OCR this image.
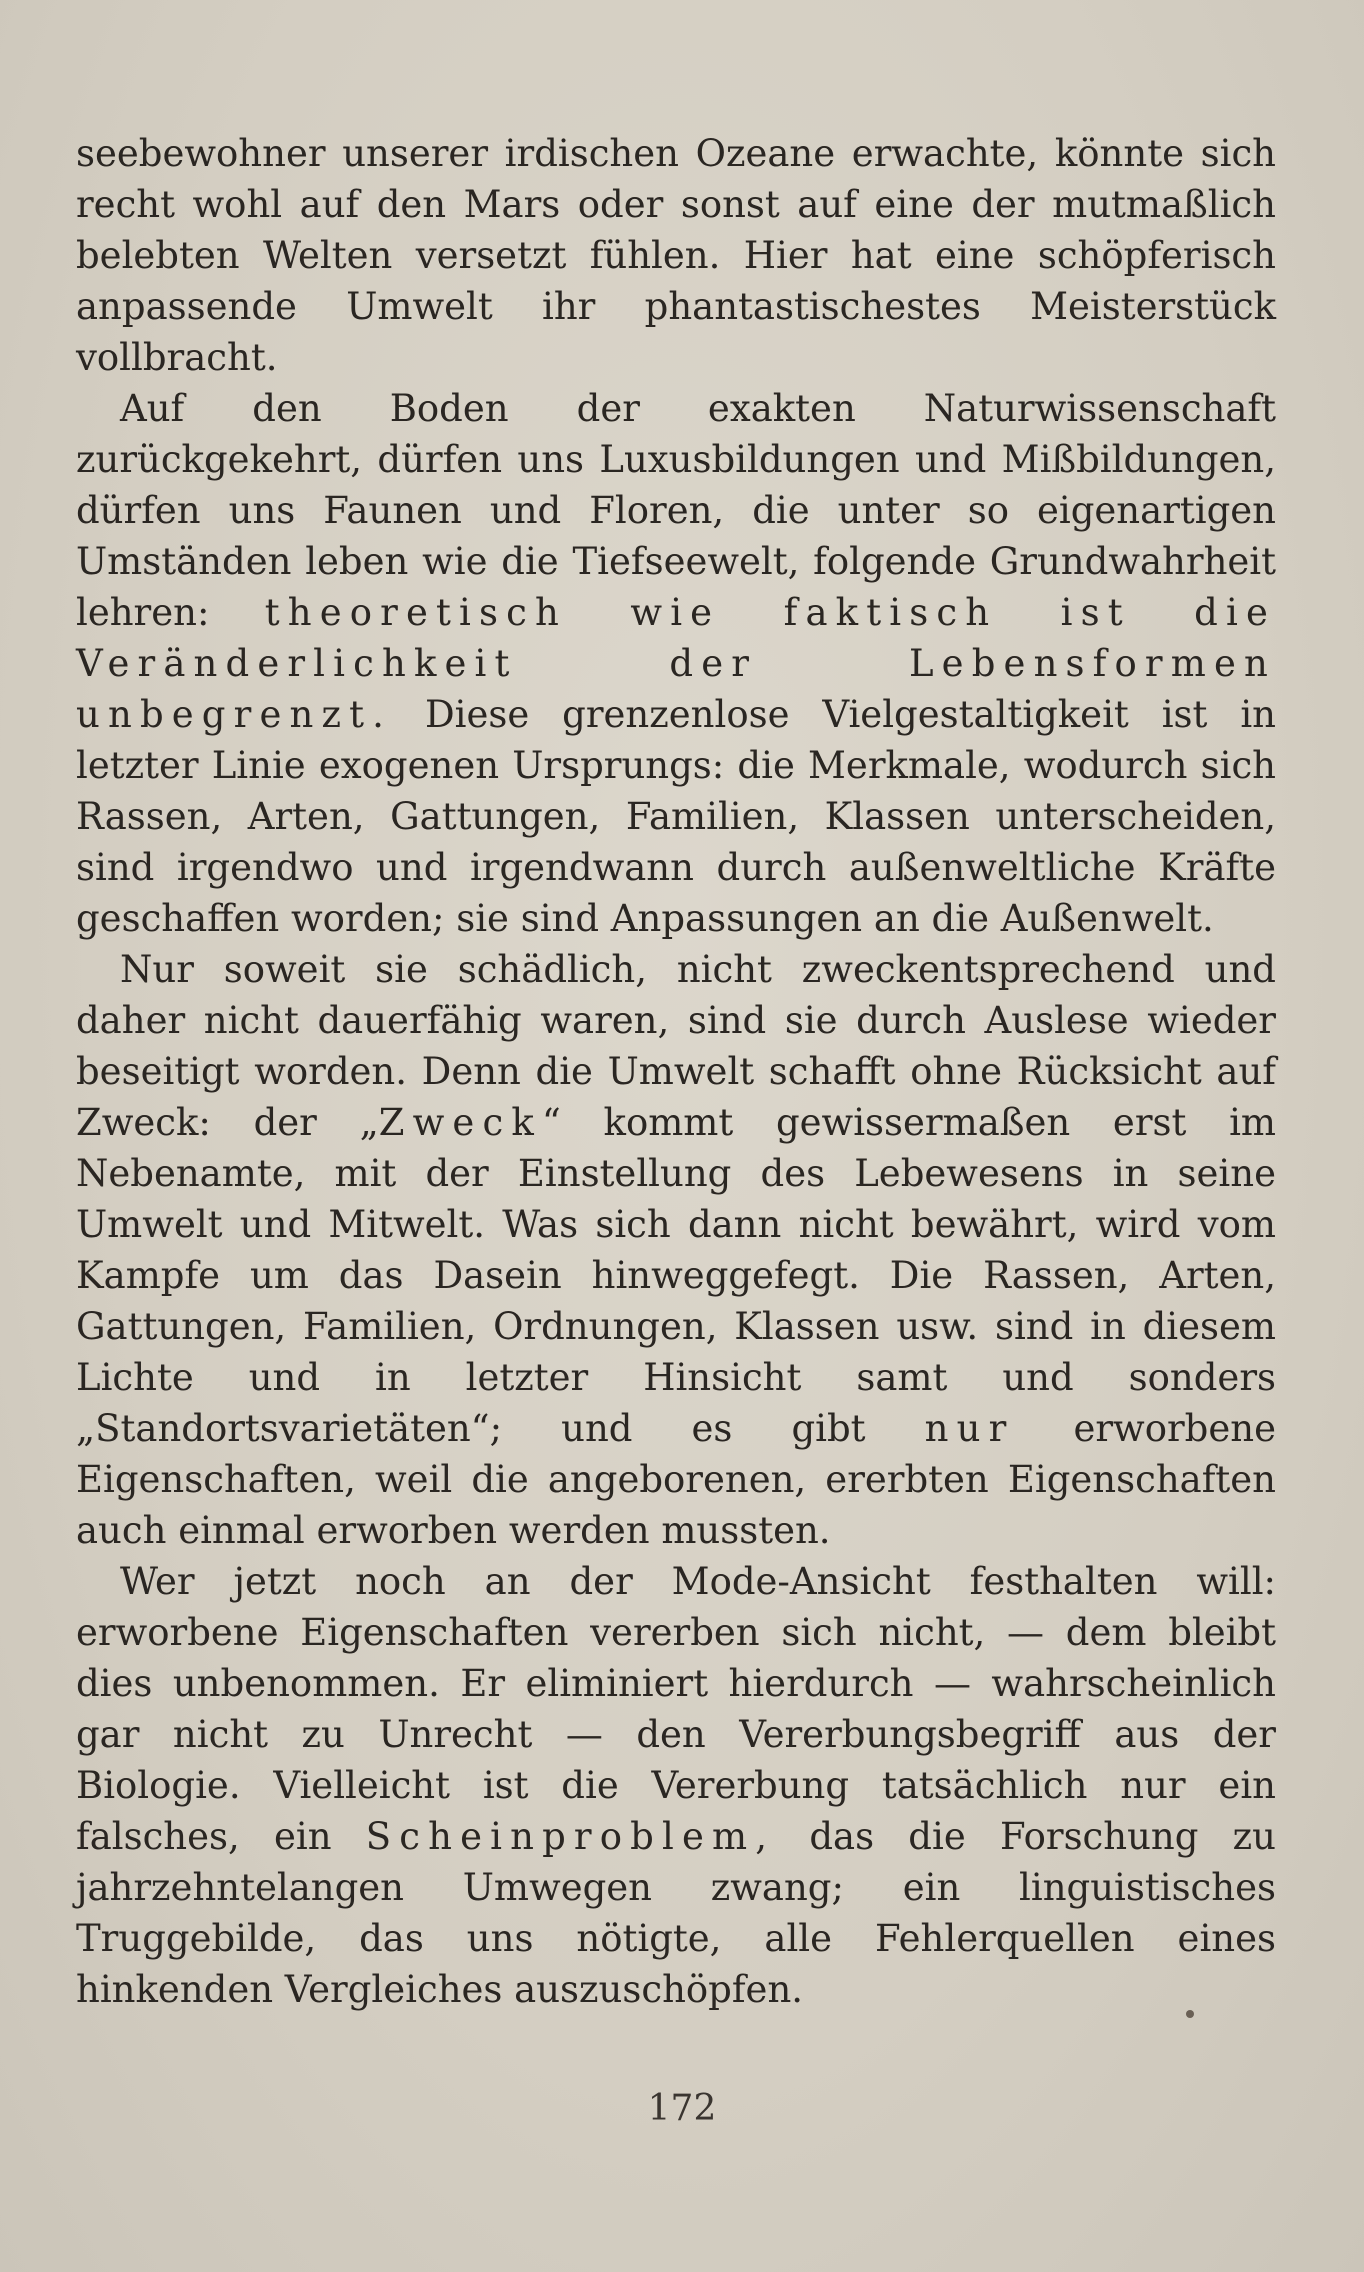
seebewohner unserer irdischen Ozeane erwachte, könnte sich recht wohl auf den Mars oder sonst auf eine der mutmaßlich belebten Welten versetzt fühlen. Hier hat eine schöpferisch anpassende Umwelt ihr phantastischestes Meisterstück vollbracht.

Auf den Boden der exakten Naturwissenschaft zurückgekehrt, dürfen uns Luxusbildungen und Mißbildungen, dürfen uns Faunen und Floren, die unter so eigenartigen Umständen leben wie die Tiefseewelt, folgende Grundwahrheit lehren: theoretisch wie faktisch ist die Veränderlichkeit der Lebensformen unbegrenzt. Diese grenzenlose Vielgestaltigkeit ist in letzter Linie exogenen Ursprungs: die Merkmale, wodurch sich Rassen, Arten, Gattungen, Familien, Klassen unterscheiden, sind irgendwo und irgendwann durch außenweltliche Kräfte geschaffen worden; sie sind Anpassungen an die Außenwelt.

Nur soweit sie schädlich, nicht zweckentsprechend und daher nicht dauerfähig waren, sind sie durch Auslese wieder beseitigt worden. Denn die Umwelt schafft ohne Rücksicht auf Zweck: der „Zweck“ kommt gewissermaßen erst im Nebenamte, mit der Einstellung des Lebewesens in seine Umwelt und Mitwelt. Was sich dann nicht bewährt, wird vom Kampfe um das Dasein hinweggefegt. Die Rassen, Arten, Gattungen, Familien, Ordnungen, Klassen usw. sind in diesem Lichte und in letzter Hinsicht samt und sonders „Standortsvarietäten“; und es gibt nur erworbene Eigenschaften, weil die angeborenen, ererbten Eigenschaften auch einmal erworben werden mussten.

Wer jetzt noch an der Mode-Ansicht festhalten will: erworbene Eigenschaften vererben sich nicht, — dem bleibt dies unbenommen. Er eliminiert hierdurch — wahrscheinlich gar nicht zu Unrecht — den Vererbungsbegriff aus der Biologie. Vielleicht ist die Vererbung tatsächlich nur ein falsches, ein Scheinproblem, das die Forschung zu jahrzehntelangen Umwegen zwang; ein linguistisches Truggebilde, das uns nötigte, alle Fehlerquellen eines hinkenden Vergleiches auszuschöpfen.

172
